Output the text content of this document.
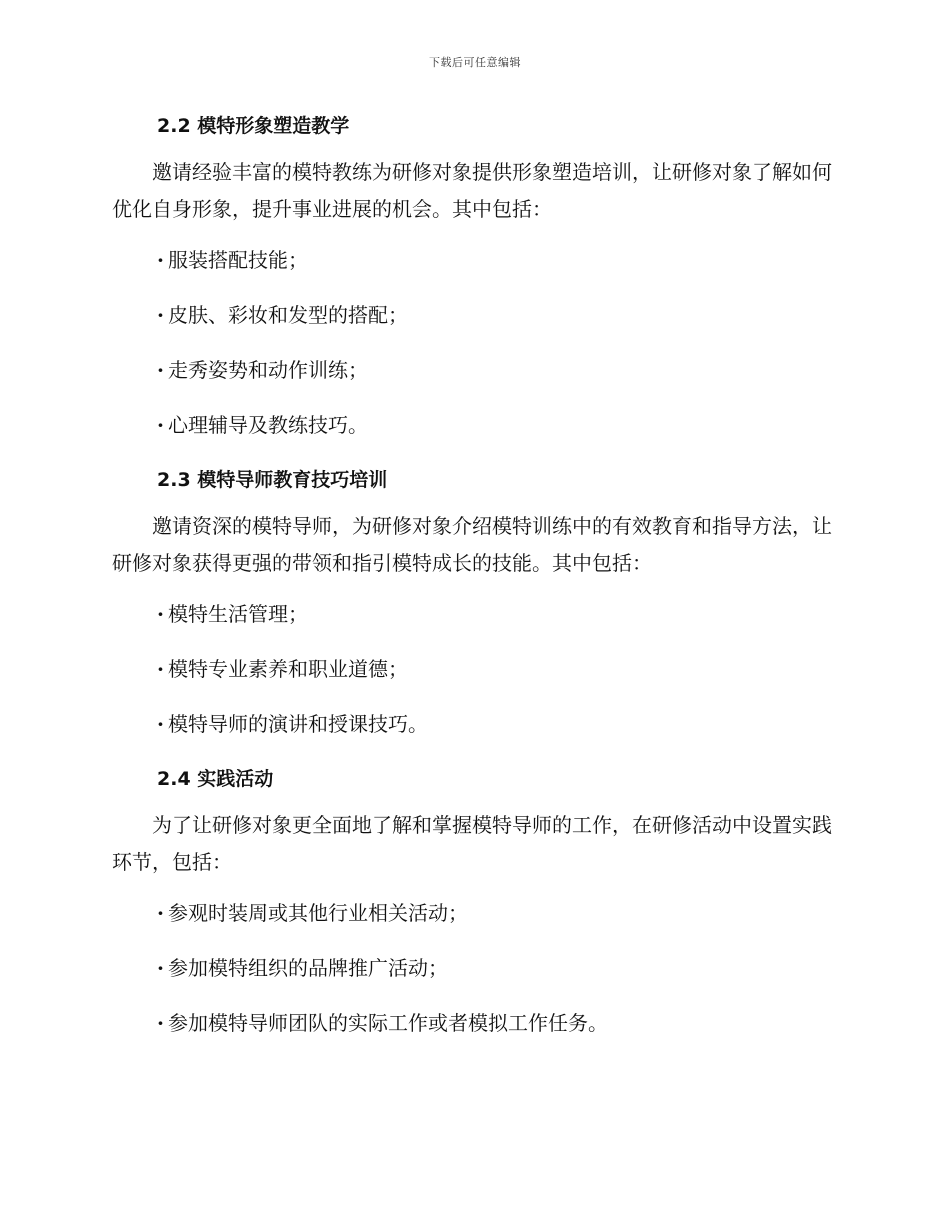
下载后可任意编辑
2.2 模特形象塑造教学
邀请经验丰富的模特教练为研修对象提供形象塑造培训，让研修对象了解如何优化自身形象，提升事业进展的机会。其中包括：
· 服装搭配技能；
· 皮肤、彩妆和发型的搭配；
· 走秀姿势和动作训练；
· 心理辅导及教练技巧。
2.3 模特导师教育技巧培训
邀请资深的模特导师，为研修对象介绍模特训练中的有效教育和指导方法，让研修对象获得更强的带领和指引模特成长的技能。其中包括：
· 模特生活管理；
· 模特专业素养和职业道德；
· 模特导师的演讲和授课技巧。
2.4 实践活动
为了让研修对象更全面地了解和掌握模特导师的工作，在研修活动中设置实践环节，包括：
· 参观时装周或其他行业相关活动；
· 参加模特组织的品牌推广活动；
· 参加模特导师团队的实际工作或者模拟工作任务。
